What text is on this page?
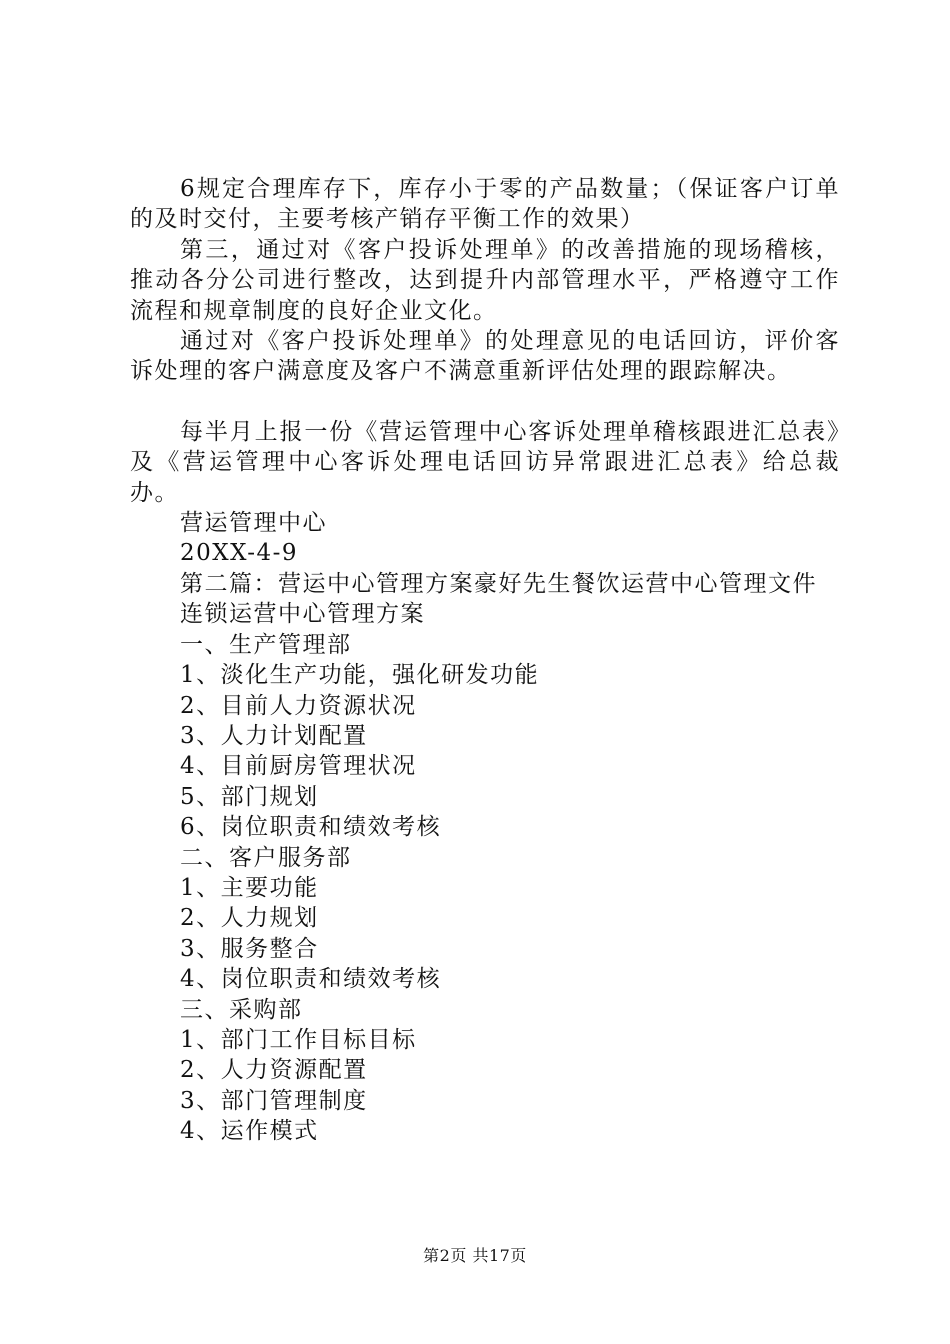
6规定合理库存下，库存小于零的产品数量；（保证客户订单的及时交付，主要考核产销存平衡工作的效果）

第三，通过对《客户投诉处理单》的改善措施的现场稽核，推动各分公司进行整改，达到提升内部管理水平，严格遵守工作流程和规章制度的良好企业文化。

通过对《客户投诉处理单》的处理意见的电话回访，评价客诉处理的客户满意度及客户不满意重新评估处理的跟踪解决。

每半月上报一份《营运管理中心客诉处理单稽核跟进汇总表》及《营运管理中心客诉处理电话回访异常跟进汇总表》给总裁办。

营运管理中心

20XX-4-9

第二篇：营运中心管理方案豪好先生餐饮运营中心管理文件

连锁运营中心管理方案

一、生产管理部

1、淡化生产功能，强化研发功能

2、目前人力资源状况

3、人力计划配置

4、目前厨房管理状况

5、部门规划

6、岗位职责和绩效考核

二、客户服务部

1、主要功能

2、人力规划

3、服务整合

4、岗位职责和绩效考核

三、采购部

1、部门工作目标目标

2、人力资源配置

3、部门管理制度

4、运作模式

第2页 共17页
